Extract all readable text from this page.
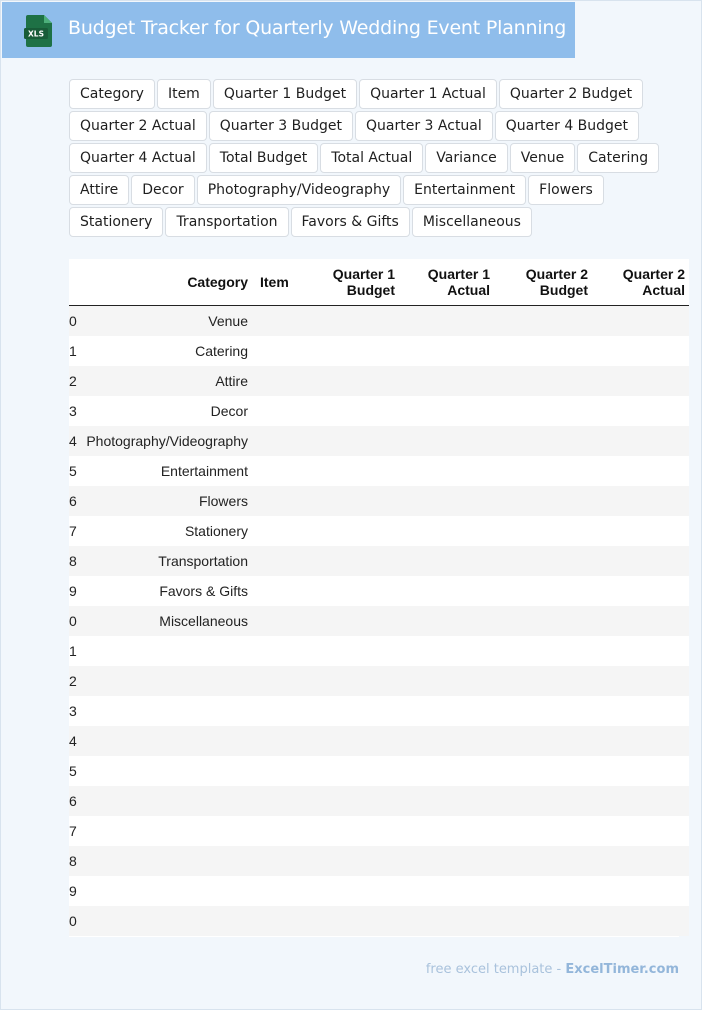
XLS Budget Tracker for Quarterly Wedding Event Planning
Category	Item	Quarter 1 Budget	Quarter 1 Actual	Quarter 2 Budget
Quarter 2 Actual	Quarter 3 Budget	Quarter 3 Actual	Quarter 4 Budget
Quarter 4 Actual	Total Budget	Total Actual	Variance	Venue	Catering
Attire	Decor	Photography/Videography	Entertainment	Flowers
Stationery	Transportation	Favors & Gifts	Miscellaneous
	Category	Item	Quarter 1 Budget	Quarter 1 Actual	Quarter 2 Budget	Quarter 2 Actual
0	Venue					
1	Catering					
2	Attire					
3	Decor					
4	Photography/Videography					
5	Entertainment					
6	Flowers					
7	Stationery					
8	Transportation					
9	Favors & Gifts					
0	Miscellaneous					
1						
2						
3						
4						
5						
6						
7						
8						
9						
0						
free excel template - ExcelTimer.com
